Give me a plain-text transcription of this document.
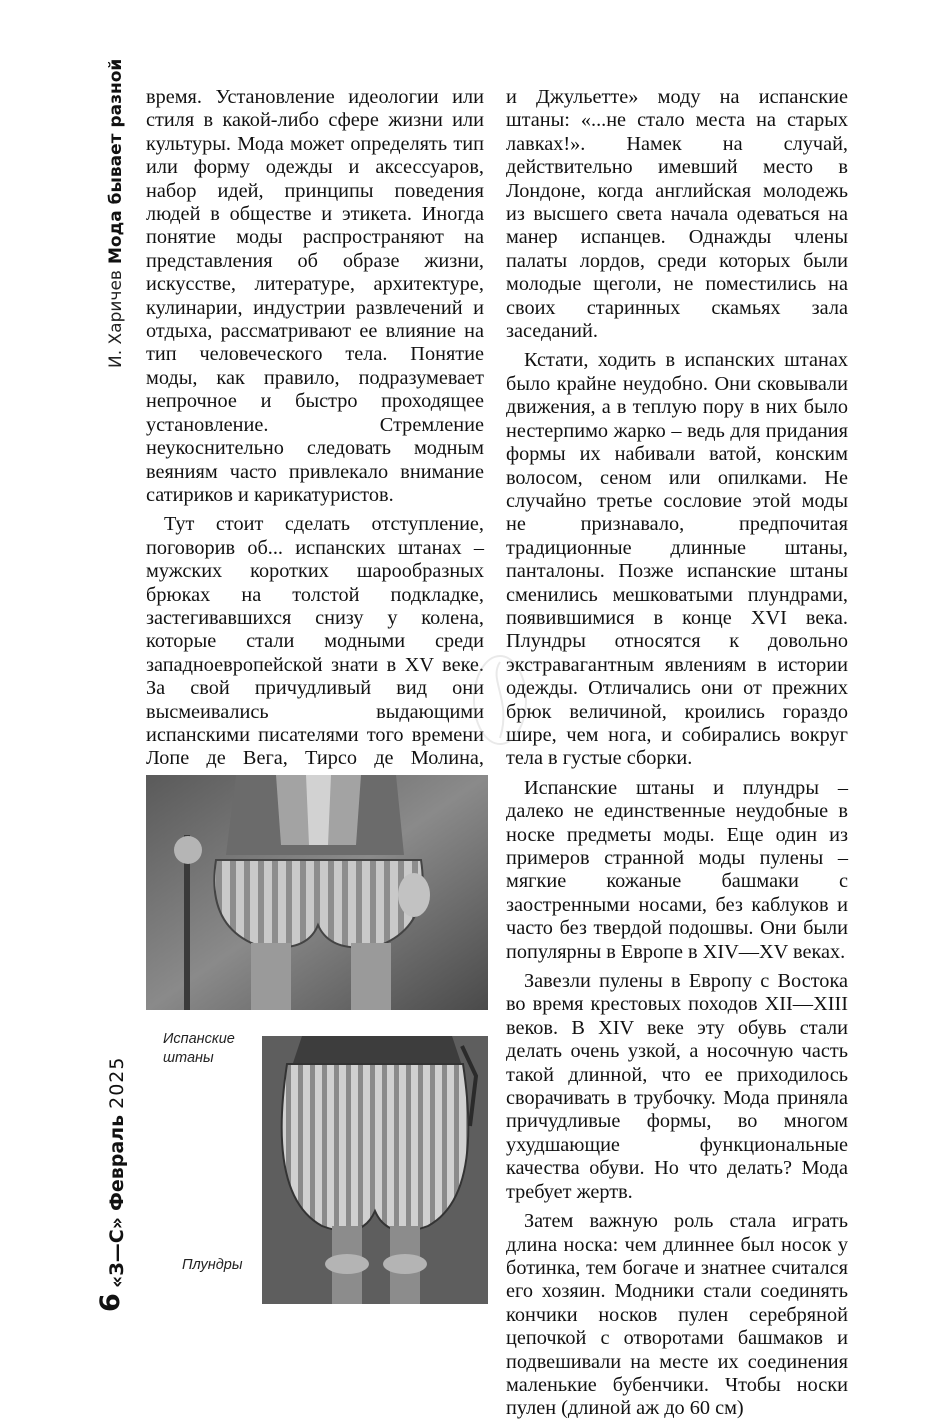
И. ХаричевМода бывает разной
«З—С»Февраль2025
6

время. Установление идеологии или стиля в какой-либо сфере жизни или культуры. Мода может определять тип или форму одежды и аксессуаров, набор идей, принципы поведения людей в обществе и этикета. Иногда понятие моды распространяют на представления об образе жизни, искусстве, литературе, архитектуре, кулинарии, индустрии развлечений и отдыха, рассматривают ее влияние на тип человеческого тела. Понятие моды, как правило, подразумевает непрочное и быстро проходящее установление. Стремление неукоснительно следовать модным веяниям часто привлекало внимание сатириков и карикатуристов.

Тут стоит сделать отступление, поговорив об... испанских штанах – мужских коротких шарообразных брюках на толстой подкладке, застегивавшихся снизу у колена, которые стали модными среди западноевропейской знати в XV веке. За свой причудливый вид они высмеивались выдающими испанскими писателями того времени Лопе де Вега, Тирсо де Молина,

и Джульетте» моду на испанские штаны: «...не стало места на старых лавках!». Намек на случай, действительно имевший место в Лондоне, когда английская молодежь из высшего света начала одеваться на манер испанцев. Однажды члены палаты лордов, среди которых были молодые щеголи, не поместились на своих старинных скамьях зала заседаний.

Кстати, ходить в испанских штанах было крайне неудобно. Они сковывали движения, а в теплую пору в них было нестерпимо жарко – ведь для придания формы их набивали ватой, конским волосом, сеном или опилками. Не случайно третье сословие этой моды не признавало, предпочитая традиционные длинные штаны, панталоны. Позже испанские штаны сменились мешковатыми плундрами, появившимися в конце XVI века. Плундры относятся к довольно экстравагантным явлениям в истории одежды. Отличались они от прежних брюк величиной, кроились гораздо шире, чем нога, и собирались вокруг тела в густые сборки.

Испанские штаны и плундры – далеко не единственные неудобные в носке предметы моды. Еще один из примеров странной моды пулены – мягкие кожаные башмаки с заостренными носами, без каблуков и часто без твердой подошвы. Они были популярны в Европе в XIV—XV веках.

Завезли пулены в Европу с Востока во время крестовых походов XII—XIII веков. В XIV веке эту обувь стали делать очень узкой, а носочную часть такой длинной, что ее приходилось сворачивать в трубочку. Мода приняла причудливые формы, во многом ухудшающие функциональные качества обуви. Но что делать? Мода требует жертв.

Затем важную роль стала играть длина носка: чем длиннее был носок у ботинка, тем богаче и знатнее считался его хозяин. Модники стали соединять кончики носков пулен серебряной цепочкой с отворотами башмаков и подвешивали на месте их соединения маленькие бубенчики. Чтобы носки пулен (длиной аж до 60 см)

Испанские штаны
Плундры
